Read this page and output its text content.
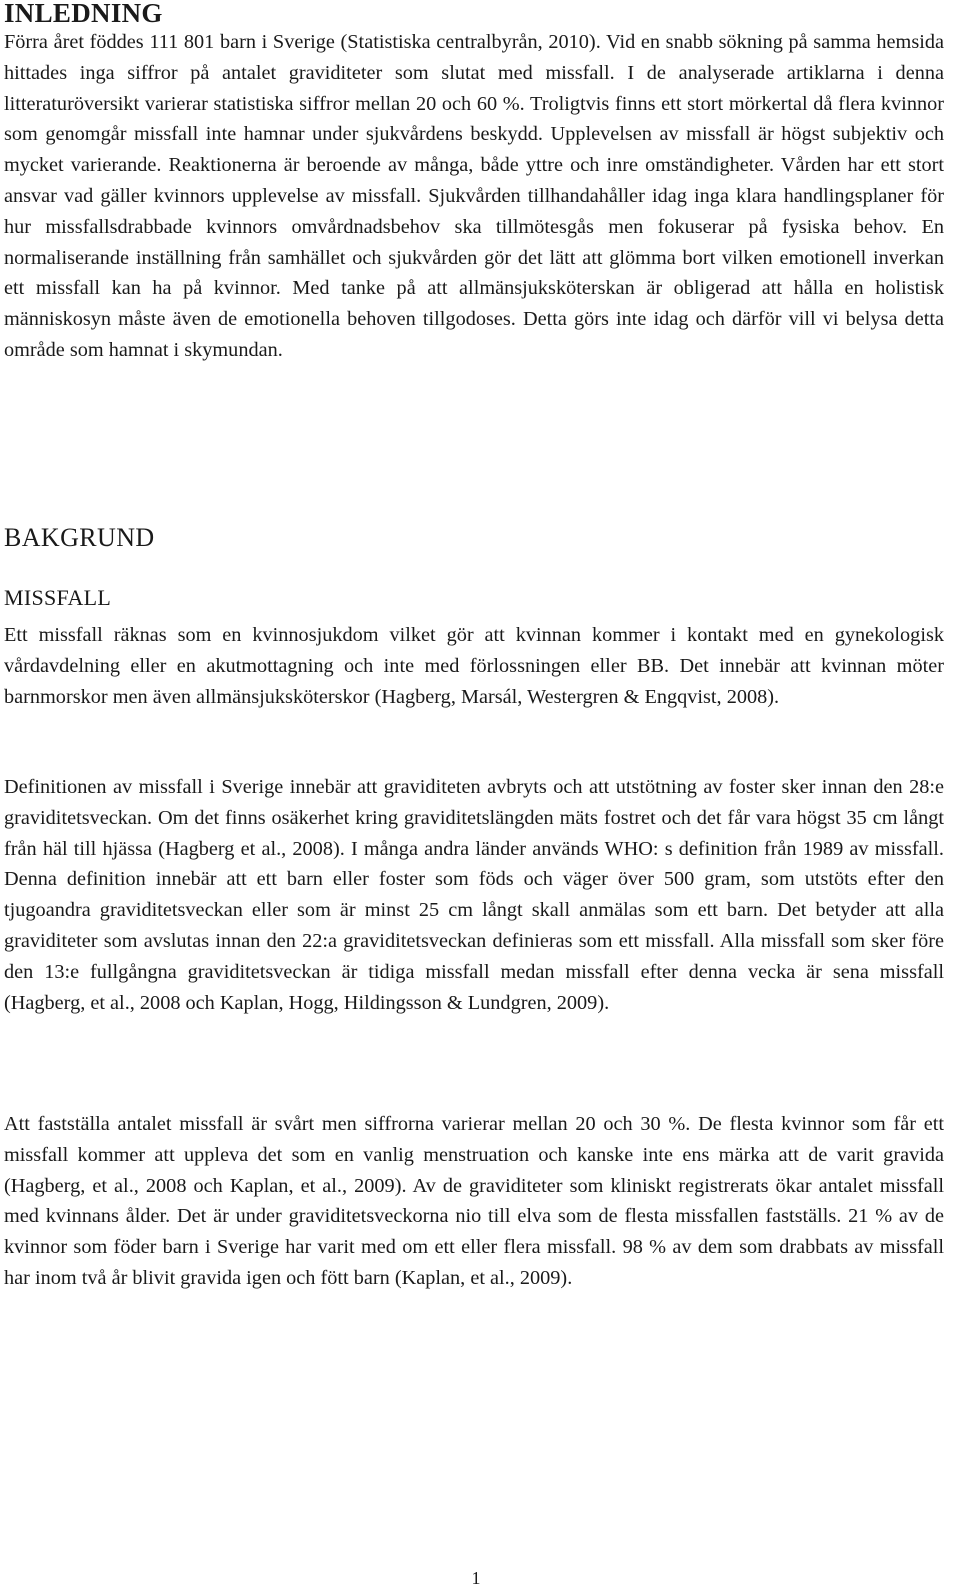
INLEDNING

Förra året föddes 111 801 barn i Sverige (Statistiska centralbyrån, 2010). Vid en snabb sökning på samma hemsida hittades inga siffror på antalet graviditeter som slutat med missfall. I de analyserade artiklarna i denna litteraturöversikt varierar statistiska siffror mellan 20 och 60 %. Troligtvis finns ett stort mörkertal då flera kvinnor som genomgår missfall inte hamnar under sjukvårdens beskydd. Upplevelsen av missfall är högst subjektiv och mycket varierande. Reaktionerna är beroende av många, både yttre och inre omständigheter. Vården har ett stort ansvar vad gäller kvinnors upplevelse av missfall. Sjukvården tillhandahåller idag inga klara handlingsplaner för hur missfallsdrabbade kvinnors omvårdnadsbehov ska tillmötesgås men fokuserar på fysiska behov. En normaliserande inställning från samhället och sjukvården gör det lätt att glömma bort vilken emotionell inverkan ett missfall kan ha på kvinnor. Med tanke på att allmänsjuksköterskan är obligerad att hålla en holistisk människosyn måste även de emotionella behoven tillgodoses. Detta görs inte idag och därför vill vi belysa detta område som hamnat i skymundan.

BAKGRUND
MISSFALL

Ett missfall räknas som en kvinnosjukdom vilket gör att kvinnan kommer i kontakt med en gynekologisk vårdavdelning eller en akutmottagning och inte med förlossningen eller BB. Det innebär att kvinnan möter barnmorskor men även allmänsjuksköterskor (Hagberg, Marsál, Westergren & Engqvist, 2008).

Definitionen av missfall i Sverige innebär att graviditeten avbryts och att utstötning av foster sker innan den 28:e graviditetsveckan. Om det finns osäkerhet kring graviditetslängden mäts fostret och det får vara högst 35 cm långt från häl till hjässa (Hagberg et al., 2008). I många andra länder används WHO: s definition från 1989 av missfall. Denna definition innebär att ett barn eller foster som föds och väger över 500 gram, som utstöts efter den tjugoandra graviditetsveckan eller som är minst 25 cm långt skall anmälas som ett barn. Det betyder att alla graviditeter som avslutas innan den 22:a graviditetsveckan definieras som ett missfall. Alla missfall som sker före den 13:e fullgångna graviditetsveckan är tidiga missfall medan missfall efter denna vecka är sena missfall (Hagberg, et al., 2008 och Kaplan, Hogg, Hildingsson & Lundgren, 2009).

Att fastställa antalet missfall är svårt men siffrorna varierar mellan 20 och 30 %. De flesta kvinnor som får ett missfall kommer att uppleva det som en vanlig menstruation och kanske inte ens märka att de varit gravida (Hagberg, et al., 2008 och Kaplan, et al., 2009). Av de graviditeter som kliniskt registrerats ökar antalet missfall med kvinnans ålder. Det är under graviditetsveckorna nio till elva som de flesta missfallen fastställs. 21 % av de kvinnor som föder barn i Sverige har varit med om ett eller flera missfall. 98 % av dem som drabbats av missfall har inom två år blivit gravida igen och fött barn (Kaplan, et al., 2009).

1
